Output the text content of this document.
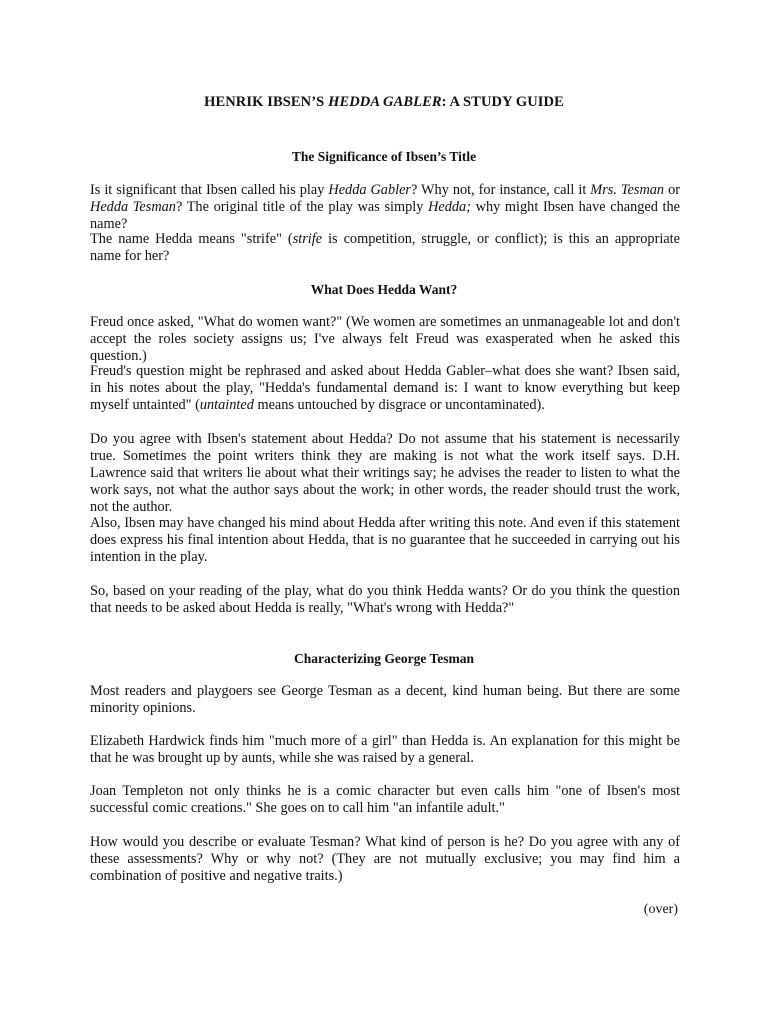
HENRIK IBSEN’S HEDDA GABLER: A STUDY GUIDE
The Significance of Ibsen’s Title
Is it significant that Ibsen called his play Hedda Gabler? Why not, for instance, call it Mrs. Tesman or Hedda Tesman? The original title of the play was simply Hedda; why might Ibsen have changed the name?
The name Hedda means "strife" (strife is competition, struggle, or conflict); is this an appropriate name for her?
What Does Hedda Want?
Freud once asked, "What do women want?" (We women are sometimes an unmanageable lot and don't accept the roles society assigns us; I've always felt Freud was exasperated when he asked this question.)
Freud's question might be rephrased and asked about Hedda Gabler–what does she want? Ibsen said, in his notes about the play, "Hedda's fundamental demand is: I want to know everything but keep myself untainted" (untainted means untouched by disgrace or uncontaminated).
Do you agree with Ibsen's statement about Hedda? Do not assume that his statement is necessarily true. Sometimes the point writers think they are making is not what the work itself says. D.H. Lawrence said that writers lie about what their writings say; he advises the reader to listen to what the work says, not what the author says about the work; in other words, the reader should trust the work, not the author.
Also, Ibsen may have changed his mind about Hedda after writing this note. And even if this statement does express his final intention about Hedda, that is no guarantee that he succeeded in carrying out his intention in the play.
So, based on your reading of the play, what do you think Hedda wants? Or do you think the question that needs to be asked about Hedda is really, "What's wrong with Hedda?"
Characterizing George Tesman
Most readers and playgoers see George Tesman as a decent, kind human being. But there are some minority opinions.
Elizabeth Hardwick finds him "much more of a girl" than Hedda is. An explanation for this might be that he was brought up by aunts, while she was raised by a general.
Joan Templeton not only thinks he is a comic character but even calls him "one of Ibsen's most successful comic creations." She goes on to call him "an infantile adult."
How would you describe or evaluate Tesman? What kind of person is he? Do you agree with any of these assessments? Why or why not? (They are not mutually exclusive; you may find him a combination of positive and negative traits.)
(over)
